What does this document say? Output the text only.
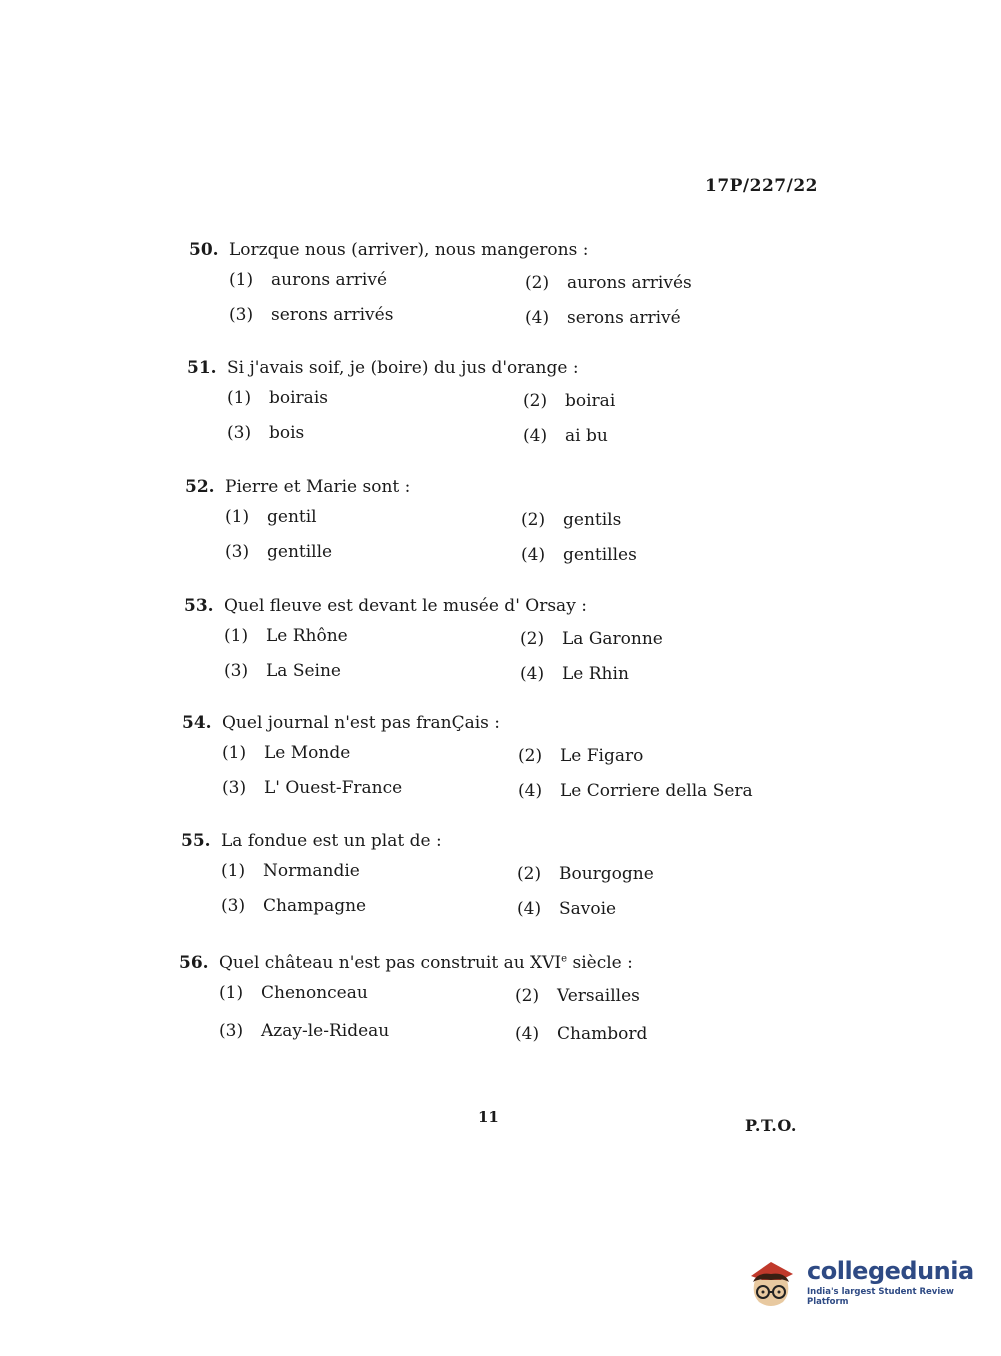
17P/227/22
50. Lorzque nous (arriver), nous mangerons :
(1)	aurons arrivé	(2)	aurons arrivés
(3)	serons arrivés	(4)	serons arrivé
51. Si j'avais soif, je (boire) du jus d'orange :
(1)	boirais	(2)	boirai
(3)	bois	(4)	ai bu
52. Pierre et Marie sont :
(1)	gentil	(2)	gentils
(3)	gentille	(4)	gentilles
53. Quel fleuve est devant le musée d' Orsay :
(1)	Le Rhône	(2)	La Garonne
(3)	La Seine	(4)	Le Rhin
54. Quel journal n'est pas franÇais :
(1)	Le Monde	(2)	Le Figaro
(3)	L' Ouest-France	(4)	Le Corriere della Sera
55. La fondue est un plat de :
(1)	Normandie	(2)	Bourgogne
(3)	Champagne	(4)	Savoie
56. Quel château n'est pas construit au XVIe siècle :
(1)	Chenonceau	(2)	Versailles
(3)	Azay-le-Rideau	(4)	Chambord
11	P.T.O.
collegedunia
India's largest Student Review Platform
